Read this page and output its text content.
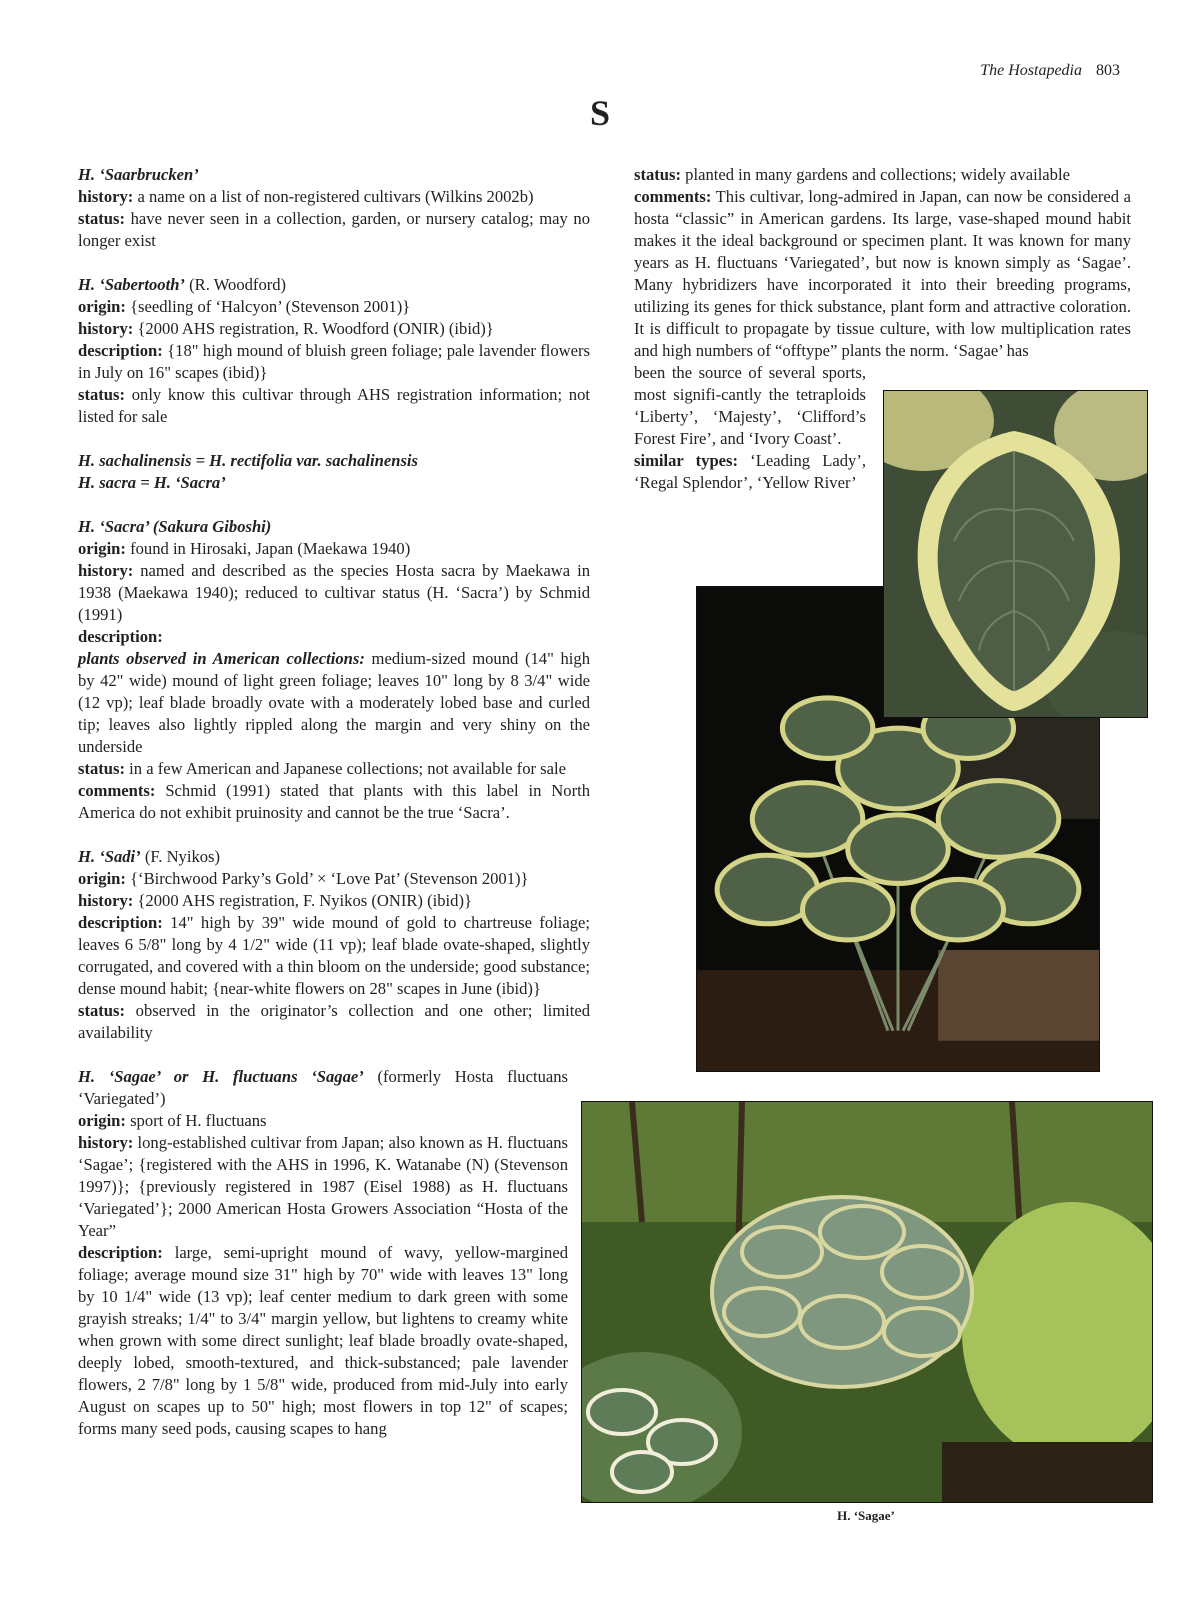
The Hostapedia 803
S

H. ‘Saarbrucken’

history: a name on a list of non-registered cultivars (Wilkins 2002b)

status: have never seen in a collection, garden, or nursery catalog; may no longer exist

H. ‘Sabertooth’ (R. Woodford)

origin: {seedling of ‘Halcyon’ (Stevenson 2001)}

history: {2000 AHS registration, R. Woodford (ONIR) (ibid)}

description: {18" high mound of bluish green foliage; pale lavender flowers in July on 16" scapes (ibid)}

status: only know this cultivar through AHS registration information; not listed for sale

H. sachalinensis = H. rectifolia var. sachalinensis

H. sacra = H. ‘Sacra’

H. ‘Sacra’ (Sakura Giboshi)

origin: found in Hirosaki, Japan (Maekawa 1940)

history: named and described as the species Hosta sacra by Maekawa in 1938 (Maekawa 1940); reduced to cultivar status (H. ‘Sacra’) by Schmid (1991)

description:

plants observed in American collections: medium-sized mound (14" high by 42" wide) mound of light green foliage; leaves 10" long by 8 3/4" wide (12 vp); leaf blade broadly ovate with a moderately lobed base and curled tip; leaves also lightly rippled along the margin and very shiny on the underside

status: in a few American and Japanese collections; not available for sale

comments: Schmid (1991) stated that plants with this label in North America do not exhibit pruinosity and cannot be the true ‘Sacra’.

H. ‘Sadi’ (F. Nyikos)

origin: {‘Birchwood Parky’s Gold’ × ‘Love Pat’ (Stevenson 2001)}

history: {2000 AHS registration, F. Nyikos (ONIR) (ibid)}

description: 14" high by 39" wide mound of gold to chartreuse foliage; leaves 6 5/8" long by 4 1/2" wide (11 vp); leaf blade ovate-shaped, slightly corrugated, and covered with a thin bloom on the underside; good substance; dense mound habit; {near-white flowers on 28" scapes in June (ibid)}

status: observed in the originator’s collection and one other; limited availability

H. ‘Sagae’ or H. fluctuans ‘Sagae’ (formerly Hosta fluctuans ‘Variegated’)

origin: sport of H. fluctuans

history: long-established cultivar from Japan; also known as H. fluctuans ‘Sagae’; {registered with the AHS in 1996, K. Watanabe (N) (Stevenson 1997)}; {previously registered in 1987 (Eisel 1988) as H. fluctuans ‘Variegated’}; 2000 American Hosta Growers Association “Hosta of the Year”

description: large, semi-upright mound of wavy, yellow-margined foliage; average mound size 31" high by 70" wide with leaves 13" long by 10 1/4" wide (13 vp); leaf center medium to dark green with some grayish streaks; 1/4" to 3/4" margin yellow, but lightens to creamy white when grown with some direct sunlight; leaf blade broadly ovate-shaped, deeply lobed, smooth-textured, and thick-substanced; pale lavender flowers, 2 7/8" long by 1 5/8" wide, produced from mid-July into early August on scapes up to 50" high; most flowers in top 12" of scapes; forms many seed pods, causing scapes to hang

status: planted in many gardens and collections; widely available

comments: This cultivar, long-admired in Japan, can now be considered a hosta “classic” in American gardens. Its large, vase-shaped mound habit makes it the ideal background or specimen plant. It was known for many years as H. fluctuans ‘Variegated’, but now is known simply as ‘Sagae’. Many hybridizers have incorporated it into their breeding programs, utilizing its genes for thick substance, plant form and attractive coloration. It is difficult to propagate by tissue culture, with low multiplication rates and high numbers of “offtype” plants the norm. ‘Sagae’ has

been the source of several sports, most signifi-cantly the tetraploids ‘Liberty’, ‘Majesty’, ‘Clifford’s Forest Fire’, and ‘Ivory Coast’.

similar types: ‘Leading Lady’, ‘Regal Splendor’, ‘Yellow River’

H. ‘Sagae’
